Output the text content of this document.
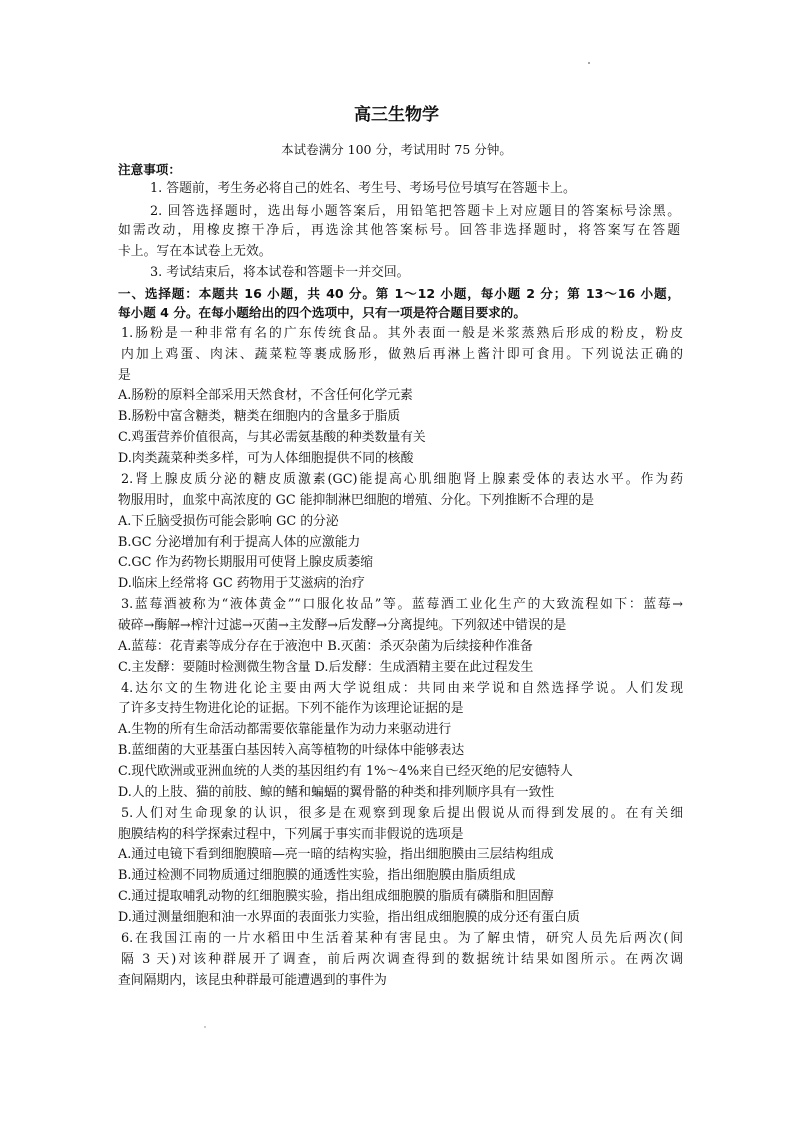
高三生物学
本试卷满分 100 分，考试用时 75 分钟。
注意事项：
1. 答题前，考生务必将自己的姓名、考生号、考场号位号填写在答题卡上。
2. 回答选择题时，选出每小题答案后，用铅笔把答题卡上对应题目的答案标号涂黑。
如需改动，用橡皮擦干净后，再选涂其他答案标号。回答非选择题时，将答案写在答题
卡上。写在本试卷上无效。
3. 考试结束后，将本试卷和答题卡一并交回。
一、选择题：本题共 16 小题，共 40 分。第 1～12 小题，每小题 2 分；第 13～16 小题，
每小题 4 分。在每小题给出的四个选项中，只有一项是符合题目要求的。
1.肠粉是一种非常有名的广东传统食品。其外表面一般是米浆蒸熟后形成的粉皮，粉皮
内加上鸡蛋、肉沫、蔬菜粒等裹成肠形，做熟后再淋上酱汁即可食用。下列说法正确的
是
A.肠粉的原料全部采用天然食材，不含任何化学元素
B.肠粉中富含糖类，糖类在细胞内的含量多于脂质
C.鸡蛋营养价值很高，与其必需氨基酸的种类数量有关
D.肉类蔬菜种类多样，可为人体细胞提供不同的核酸
2.肾上腺皮质分泌的糖皮质激素(GC)能提高心肌细胞肾上腺素受体的表达水平。作为药
物服用时，血浆中高浓度的 GC 能抑制淋巴细胞的增殖、分化。下列推断不合理的是
A.下丘脑受损伤可能会影响 GC 的分泌
B.GC 分泌增加有利于提高人体的应激能力
C.GC 作为药物长期服用可使肾上腺皮质萎缩
D.临床上经常将 GC 药物用于艾滋病的治疗
3.蓝莓酒被称为“液体黄金”“口服化妆品”等。蓝莓酒工业化生产的大致流程如下：蓝莓→
破碎→酶解→榨汁过滤→灭菌→主发酵→后发酵→分离提纯。下列叙述中错误的是
A.蓝莓：花青素等成分存在于液泡中 B.灭菌：杀灭杂菌为后续接种作准备
C.主发酵：要随时检测微生物含量 D.后发酵：生成酒精主要在此过程发生
4.达尔文的生物进化论主要由两大学说组成：共同由来学说和自然选择学说。人们发现
了许多支持生物进化论的证据。下列不能作为该理论证据的是
A.生物的所有生命活动都需要依靠能量作为动力来驱动进行
B.蓝细菌的大亚基蛋白基因转入高等植物的叶绿体中能够表达
C.现代欧洲或亚洲血统的人类的基因组约有 1%～4%来自已经灭绝的尼安德特人
D.人的上肢、猫的前肢、鲸的鳍和蝙蝠的翼骨骼的种类和排列顺序具有一致性
5.人们对生命现象的认识，很多是在观察到现象后提出假说从而得到发展的。在有关细
胞膜结构的科学探索过程中，下列属于事实而非假说的选项是
A.通过电镜下看到细胞膜暗—亮一暗的结构实验，指出细胞膜由三层结构组成
B.通过检测不同物质通过细胞膜的通透性实验，指出细胞膜由脂质组成
C.通过提取哺乳动物的红细胞膜实验，指出组成细胞膜的脂质有磷脂和胆固醇
D.通过测量细胞和油一水界面的表面张力实验，指出组成细胞膜的成分还有蛋白质
6.在我国江南的一片水稻田中生活着某种有害昆虫。为了解虫情，研究人员先后两次(间
隔 3 天)对该种群展开了调查，前后两次调查得到的数据统计结果如图所示。在两次调
查间隔期内，该昆虫种群最可能遭遇到的事件为
